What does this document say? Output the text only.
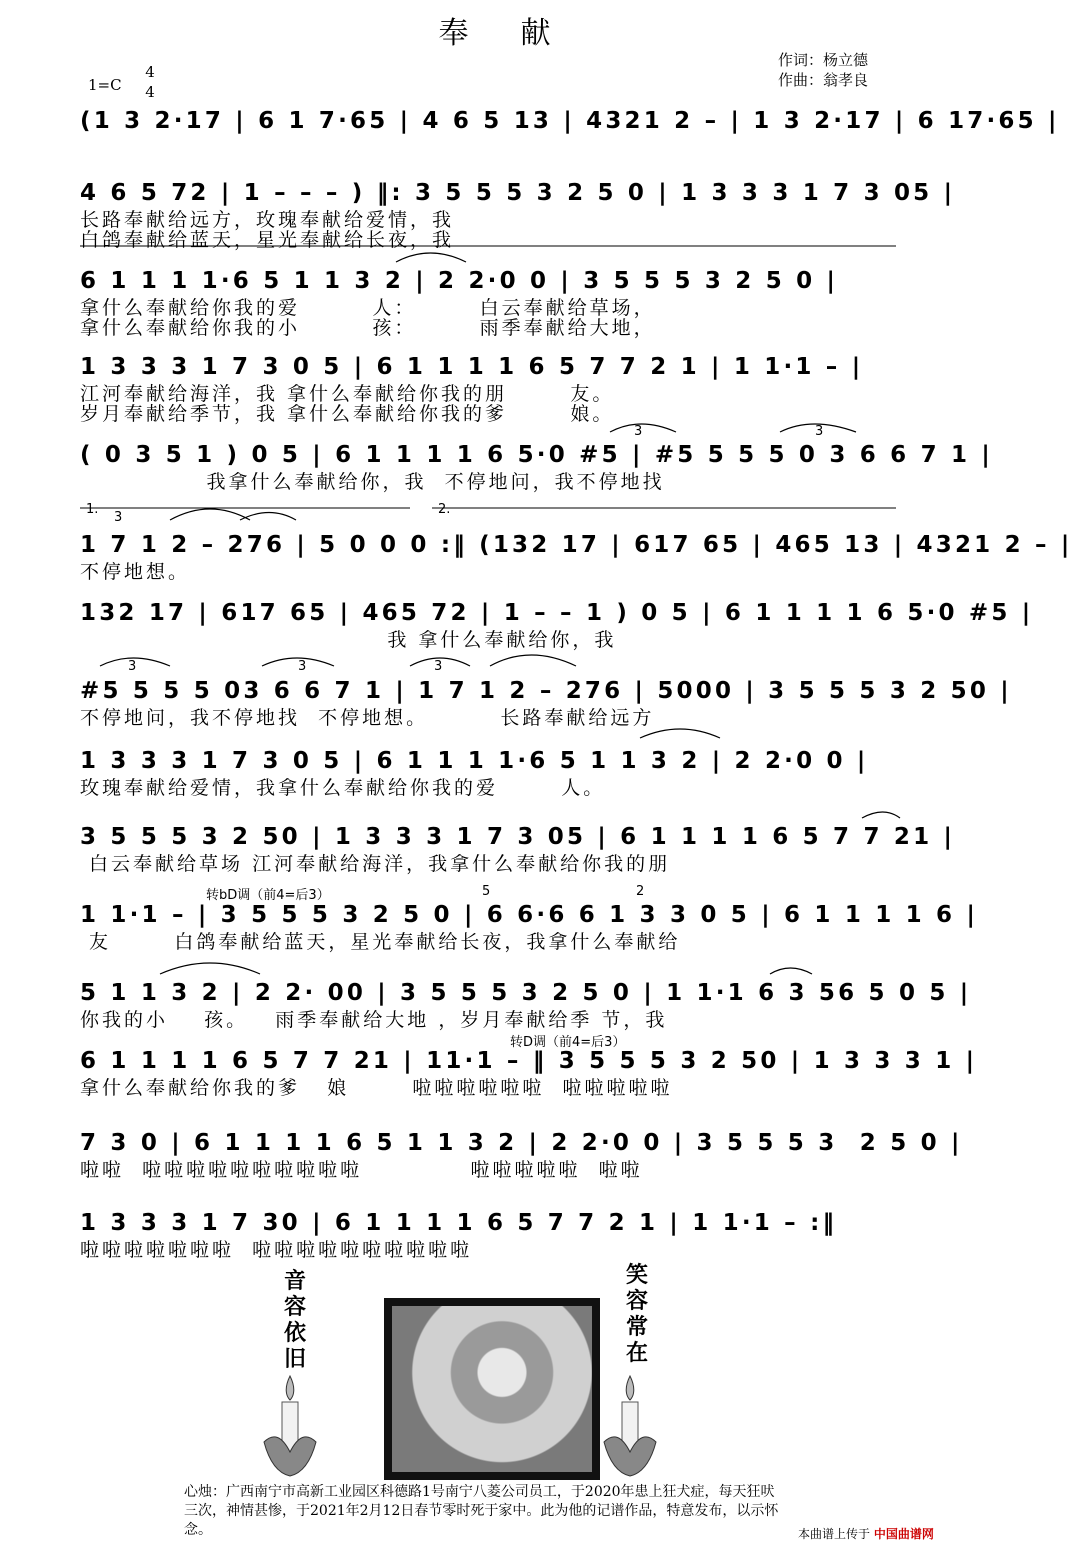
奉献
作词：杨立德
作曲：翁孝良
1=C
4
4
(1 3 2·17 | 6 1 7·65 | 4 6 5 13 | 4321 2 – | 1 3 2·17 | 6 17·65 |
4 6 5 72 | 1 – – – ) ‖: 3 5 5 5 3 2 5 0 | 1 3 3 3 1 7 3 05 |
长路奉献给远方，玫瑰奉献给爱情，我
白鸽奉献给蓝天，星光奉献给长夜，我
6 1 1 1 1·6 5 1 1 3 2 | 2 2·0 0 | 3 5 5 5 3 2 5 0 |
拿什么奉献给你我的爱        人：       白云奉献给草场，
拿什么奉献给你我的小        孩：       雨季奉献给大地，
1 3 3 3 1 7 3 0 5 | 6 1 1 1 1 6 5 7 7 2 1 | 1 1·1 – |
江河奉献给海洋，我 拿什么奉献给你我的朋       友。
岁月奉献给季节，我 拿什么奉献给你我的爹       娘。
( 0 3 5 1 ) 0 5 | 6 1 1 1 1 6 5·0 #5 | #5 5 5 5 0 3 6 6 7 1 |
我拿什么奉献给你，我  不停地问，我不停地找
1 7 1 2 – 276 | 5 0 0 0 :‖ (132 17 | 617 65 | 465 13 | 4321 2 – |
不停地想。
132 17 | 617 65 | 465 72 | 1 – – 1 ) 0 5 | 6 1 1 1 1 6 5·0 #5 |
我 拿什么奉献给你，我
#5 5 5 5 03 6 6 7 1 | 1 7 1 2 – 276 | 5000 | 3 5 5 5 3 2 50 |
不停地问，我不停地找  不停地想。        长路奉献给远方
1 3 3 3 1 7 3 0 5 | 6 1 1 1 1·6 5 1 1 3 2 | 2 2·0 0 |
玫瑰奉献给爱情，我拿什么奉献给你我的爱       人。
3 5 5 5 3 2 50 | 1 3 3 3 1 7 3 05 | 6 1 1 1 1 6 5 7 7 21 |
白云奉献给草场 江河奉献给海洋，我拿什么奉献给你我的朋
1 1·1 – | 3 5 5 5 3 2 5 0 | 6 6·6 6 1 3 3 0 5 | 6 1 1 1 1 6 |
友       白鸽奉献给蓝天，星光奉献给长夜，我拿什么奉献给
5 1 1 3 2 | 2 2· 00 | 3 5 5 5 3 2 5 0 | 1 1·1 6 3 56 5 0 5 |
你我的小    孩。   雨季奉献给大地 ，岁月奉献给季 节，我
6 1 1 1 1 6 5 7 7 21 | 11·1 – ‖ 3 5 5 5 3 2 50 | 1 3 3 3 1 |
拿什么奉献给你我的爹   娘       啦啦啦啦啦啦  啦啦啦啦啦
7 3 0 | 6 1 1 1 1 6 5 1 1 3 2 | 2 2·0 0 | 3 5 5 5 3  2 5 0 |
啦啦  啦啦啦啦啦啦啦啦啦啦            啦啦啦啦啦  啦啦
1 3 3 3 1 7 30 | 6 1 1 1 1 6 5 7 7 2 1 | 1 1·1 – :‖
啦啦啦啦啦啦啦  啦啦啦啦啦啦啦啦啦啦
1.	2.
转bD调（前4=后3）
转D调（前4=后3）
3	3
3
3	3	3
5	2
音容依旧
笑容常在
心烛：广西南宁市高新工业园区科德路1号南宁八菱公司员工，于2020年患上狂犬症，每天狂吠三次，神情甚惨，于2021年2月12日春节零时死于家中。此为他的记谱作品，特意发布，以示怀念。	本曲谱上传于 中国曲谱网
